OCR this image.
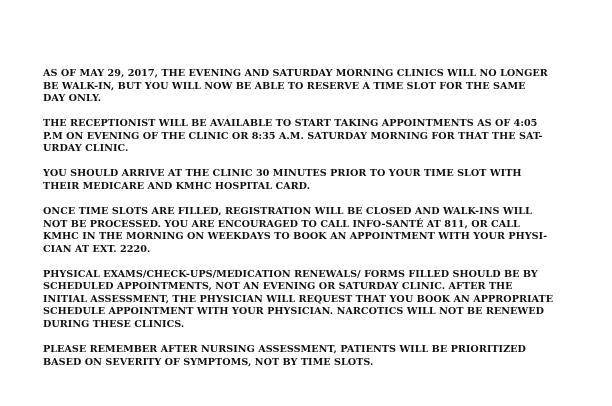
AS OF MAY 29, 2017, THE EVENING AND SATURDAY MORNING CLINICS WILL NO LONGER
BE WALK-IN, BUT YOU WILL NOW BE ABLE TO RESERVE A TIME SLOT FOR THE SAME
DAY ONLY.

THE RECEPTIONIST WILL BE AVAILABLE TO START TAKING APPOINTMENTS AS OF 4:05
P.M ON EVENING OF THE CLINIC OR 8:35 A.M. SATURDAY MORNING FOR THAT THE SAT-
URDAY CLINIC.

YOU SHOULD ARRIVE AT THE CLINIC 30 MINUTES PRIOR TO YOUR TIME SLOT WITH
THEIR MEDICARE AND KMHC HOSPITAL CARD.

ONCE TIME SLOTS ARE FILLED, REGISTRATION WILL BE CLOSED AND WALK-INS WILL
NOT BE PROCESSED. YOU ARE ENCOURAGED TO CALL INFO-SANTÉ AT 811, OR CALL
KMHC IN THE MORNING ON WEEKDAYS TO BOOK AN APPOINTMENT WITH YOUR PHYSI-
CIAN AT EXT. 2220.

PHYSICAL EXAMS/CHECK-UPS/MEDICATION RENEWALS/ FORMS FILLED SHOULD BE BY
SCHEDULED APPOINTMENTS, NOT AN EVENING OR SATURDAY CLINIC. AFTER THE
INITIAL ASSESSMENT, THE PHYSICIAN WILL REQUEST THAT YOU BOOK AN APPROPRIATE
SCHEDULE APPOINTMENT WITH YOUR PHYSICIAN. NARCOTICS WILL NOT BE RENEWED
DURING THESE CLINICS.

PLEASE REMEMBER AFTER NURSING ASSESSMENT, PATIENTS WILL BE PRIORITIZED
BASED ON SEVERITY OF SYMPTOMS, NOT BY TIME SLOTS.
